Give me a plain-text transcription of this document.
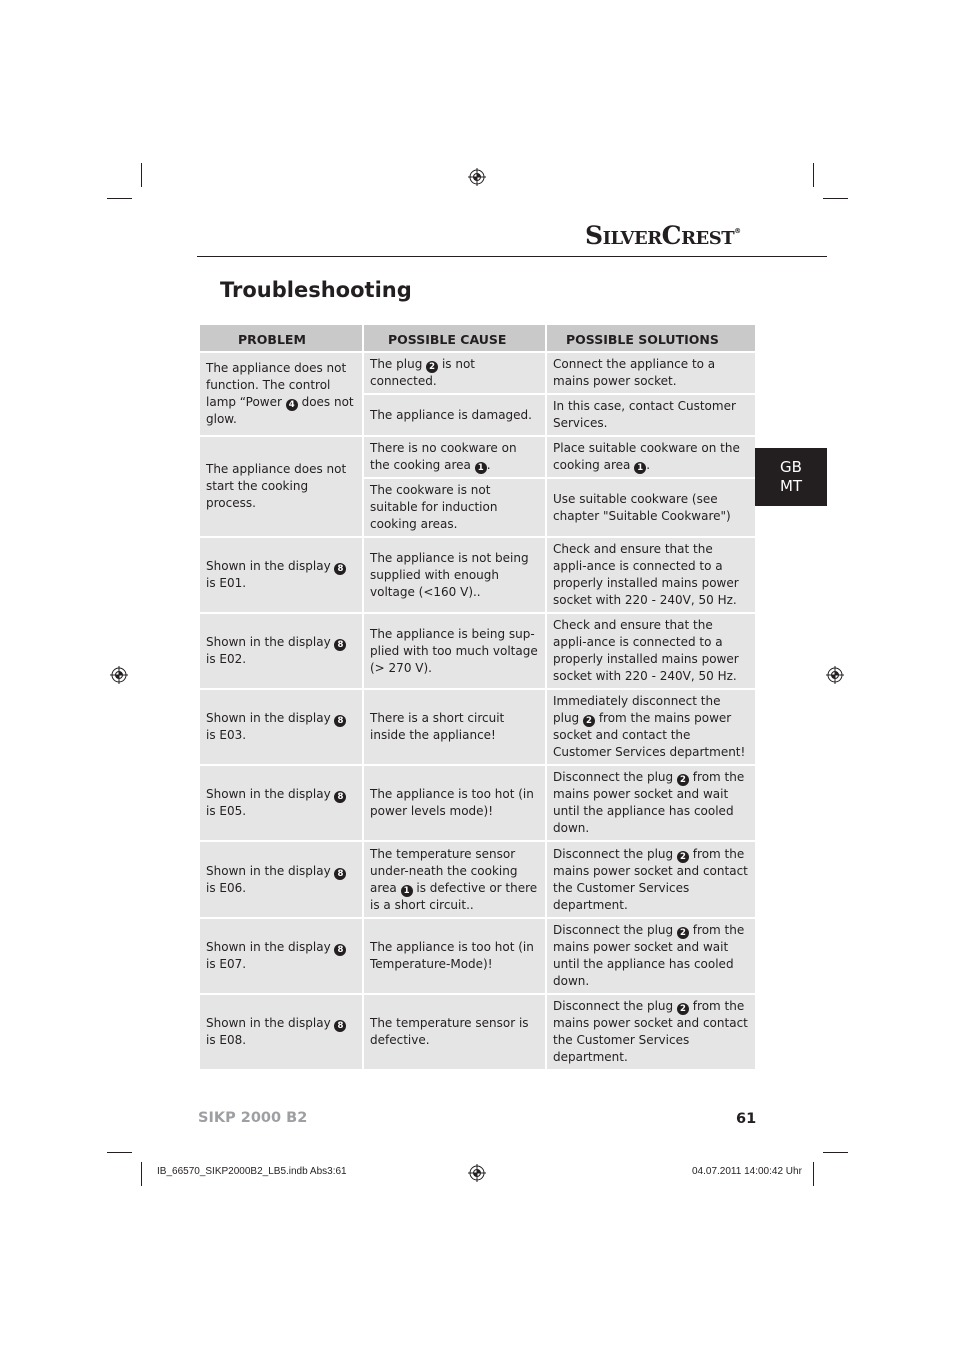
SILVERCREST®
Troubleshooting
PROBLEM	POSSIBLE CAUSE	POSSIBLE SOLUTIONS
The appliance does not function. The control lamp “Power 4 does not glow.	The plug 2 is not connected.	Connect the appliance to a mains power socket.
	The appliance is damaged.	In this case, contact Customer Services.
The appliance does not start the cooking process.	There is no cookware on the cooking area 1 .	Place suitable cookware on the cooking area 1 .
	The cookware is not suitable for induction cooking areas.	Use suitable cookware (see chapter "Suitable Cookware")
Shown in the display 8 is E01.	The appliance is not being supplied with enough voltage (<160 V)..	Check and ensure that the appli-ance is connected to a properly installed mains power socket with 220 - 240V, 50 Hz.
Shown in the display 8 is E02.	The appliance is being sup-plied with too much voltage (> 270 V).	Check and ensure that the appli-ance is connected to a properly installed mains power socket with 220 - 240V, 50 Hz.
Shown in the display 8 is E03.	There is a short circuit inside the appliance!	Immediately disconnect the plug 2 from the mains power socket and contact the Customer Services department!
Shown in the display 8 is E05.	The appliance is too hot (in power levels mode)!	Disconnect the plug 2 from the mains power socket and wait until the appliance has cooled down.
Shown in the display 8 is E06.	The temperature sensor under-neath the cooking area 1 is defective or there is a short circuit..	Disconnect the plug 2 from the mains power socket and contact the Customer Services department.
Shown in the display 8 is E07.	The appliance is too hot (in Temperature-Mode)!	Disconnect the plug 2 from the mains power socket and wait until the appliance has cooled down.
Shown in the display 8 is E08.	The temperature sensor is defective.	Disconnect the plug 2 from the mains power socket and contact the Customer Services department.
GB
MT
SIKP 2000 B2	61
IB_66570_SIKP2000B2_LB5.indb Abs3:61	04.07.2011 14:00:42 Uhr
